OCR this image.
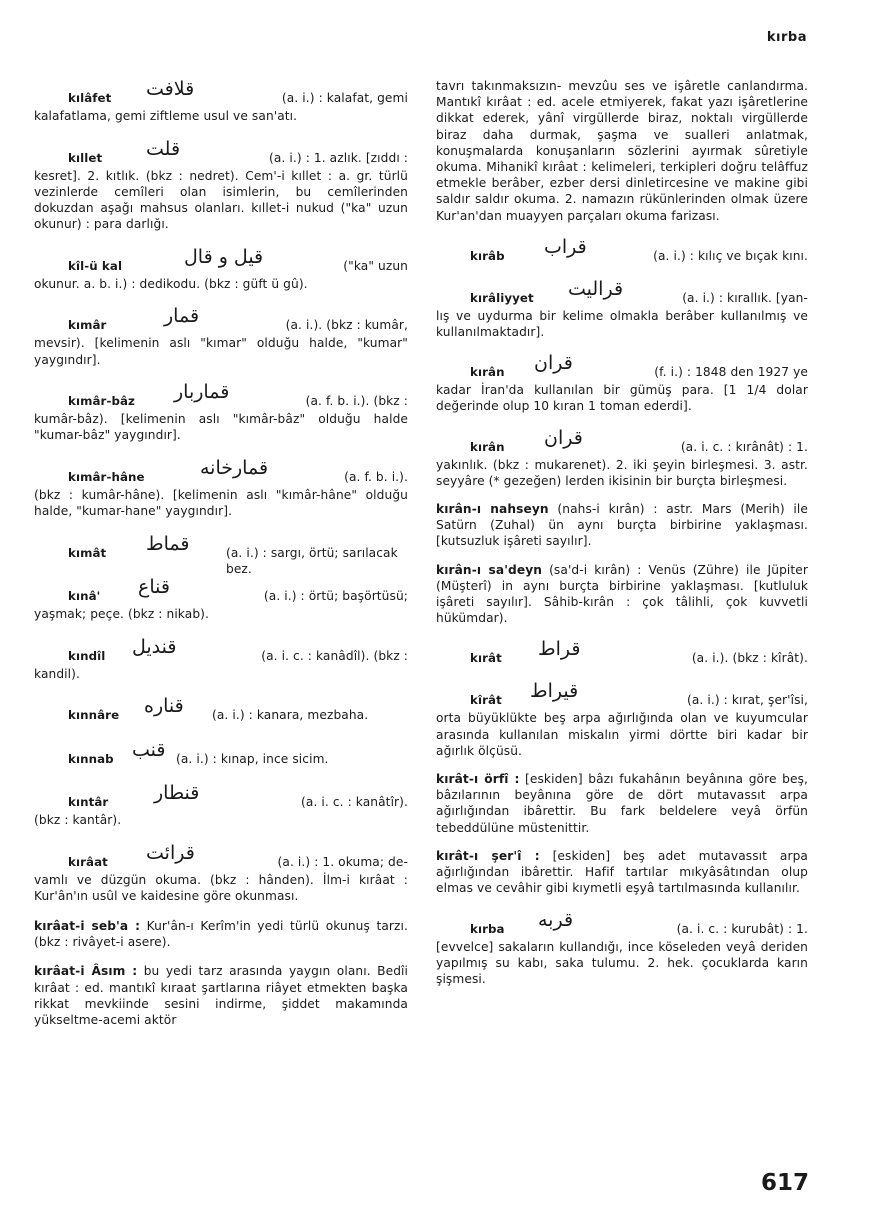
kırba
kılâfet قلافت	(a. i.) : kalafat, gemi

kalafatlama, gemi ziftleme usul ve san'atı.

kıllet قلت	(a. i.) : 1. azlık. [zıddı :

kesret]. 2. kıtlık. (bkz : nedret). Cem'-i kıllet : a. gr. türlü vezinlerde cemîleri olan isimlerin, bu cemîlerinden dokuzdan aşağı mahsus olanları. kıllet-i nukud ("ka" uzun okunur) : para darlığı.

kîl-ü kal	قيل و قال	("ka" uzun

okunur. a. b. i.) : dedikodu. (bkz : güft ü gû).

kımâr	قمار	(a. i.). (bkz : kumâr,

mevsir). [kelimenin aslı "kımar" olduğu halde, "kumar" yaygındır].

kımâr-bâz قماربار	(a. f. b. i.). (bkz :

kumâr-bâz). [kelimenin aslı "kımâr-bâz" olduğu halde "kumar-bâz" yaygındır].

kımâr-hâne	قمارخانه	(a. f. b. i.).

(bkz : kumâr-hâne). [kelimenin aslı "kımâr-hâne" olduğu halde, "kumar-hane" yaygındır].

kımât قماط	(a. i.) : sargı, örtü; sarılacak bez.

kınâ' قناع	(a. i.) : örtü; başörtüsü;

yaşmak; peçe. (bkz : nikab).

kındîl قنديل	(a. i. c. : kanâdîl). (bkz :

kandil).

kınnâre قناره (a. i.) : kanara, mezbaha.

kınnab قنب (a. i.) : kınap, ince sicim.

kıntâr قنطار	(a. i. c. : kanâtîr).

(bkz : kantâr).

kırâat قرائت	(a. i.) : 1. okuma; de-

vamlı ve düzgün okuma. (bkz : hânden). İlm-i kırâat : Kur'ân'ın usûl ve kaidesine göre okunması.

kırâat-i seb'a : Kur'ân-ı Kerîm'in yedi türlü okunuş tarzı. (bkz : rivâyet-i asere).

kırâat-i Âsım : bu yedi tarz arasında yaygın olanı. Bedîi kırâat : ed. mantıkî kıraat şartlarına riâyet etmekten başka rikkat mevkiinde sesini indirme, şiddet makamında yükseltme-acemi aktör

tavrı takınmaksızın- mevzûu ses ve işâretle canlandırma. Mantıkî kırâat : ed. acele etmiyerek, fakat yazı işâretlerine dikkat ederek, yânî virgüllerde biraz, noktalı virgüllerde biraz daha durmak, şaşma ve sualleri anlatmak, konuşmalarda konuşanların sözlerini ayırmak sûretiyle okuma. Mihanikî kırâat : kelimeleri, terkipleri doğru telâffuz etmekle berâber, ezber dersi dinletircesine ve makine gibi saldır saldır okuma. 2. namazın rükünlerinden olmak üzere Kur'an'dan muayyen parçaları okuma farizası.

kırâb قراب	(a. i.) : kılıç ve bıçak kını.

kırâliyyet قراليت	(a. i.) : kırallık. [yan-

lış ve uydurma bir kelime olmakla berâber kullanılmış ve kullanılmaktadır].

kırân قران	(f. i.) : 1848 den 1927 ye

kadar İran'da kullanılan bir gümüş para. [1 1/4 dolar değerinde olup 10 kıran 1 toman ederdi].

kırân قران	(a. i. c. : kırânât) : 1.

yakınlık. (bkz : mukarenet). 2. iki şeyin birleşmesi. 3. astr. seyyâre (* gezeğen) lerden ikisinin bir burçta birleşmesi.

kırân-ı nahseyn (nahs-i kırân) : astr. Mars (Merih) ile Satürn (Zuhal) ün aynı burçta birbirine yaklaşması. [kutsuzluk işâreti sayılır].

kırân-ı sa'deyn (sa'd-i kırân) : Venüs (Zühre) ile Jüpiter (Müşterî) in aynı burçta birbirine yaklaşması. [kutluluk işâreti sayılır]. Sâhib-kırân : çok tâlihli, çok kuvvetli hükümdar).

kırât قراط	(a. i.). (bkz : kîrât).

kîrât قيراط	(a. i.) : kırat, şer'îsi,

orta büyüklükte beş arpa ağırlığında olan ve kuyumcular arasında kullanılan miskalın yirmi dörtte biri kadar bir ağırlık ölçüsü.

kırât-ı örfî : [eskiden] bâzı fukahânın beyânına göre beş, bâzılarının beyânına göre de dört mutavassıt arpa ağırlığından ibârettir. Bu fark beldelere veyâ örfün tebeddülüne müstenittir.

kırât-ı şer'î : [eskiden] beş adet mutavassıt arpa ağırlığından ibârettir. Hafif tartılar mıkyâsâtından olup elmas ve cevâhir gibi kıymetli eşyâ tartılmasında kullanılır.

kırba قربه	(a. i. c. : kurubât) : 1.

[evvelce] sakaların kullandığı, ince köseleden veyâ deriden yapılmış su kabı, saka tulumu. 2. hek. çocuklarda karın şişmesi.

617
